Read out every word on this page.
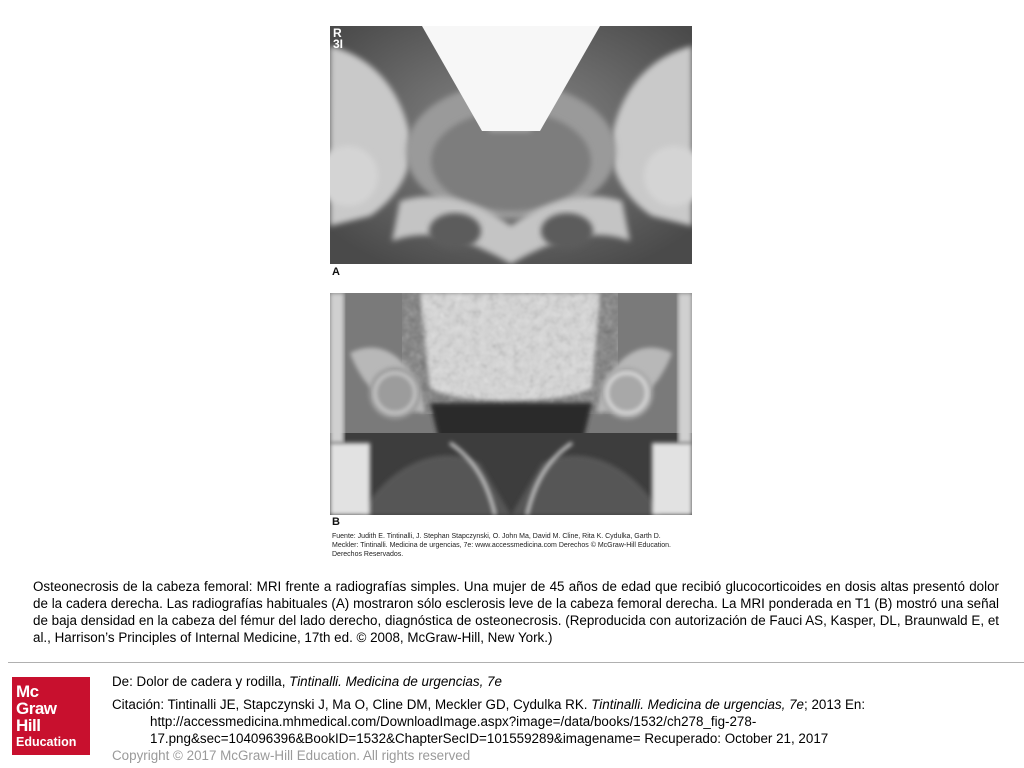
R
3I
A
B
Fuente: Judith E. Tintinalli, J. Stephan Stapczynski, O. John Ma, David M. Cline, Rita K. Cydulka, Garth D. Meckler: Tintinalli. Medicina de urgencias, 7e: www.accessmedicina.com Derechos © McGraw-Hill Education. Derechos Reservados.
Osteonecrosis de la cabeza femoral: MRI frente a radiografías simples. Una mujer de 45 años de edad que recibió glucocorticoides en dosis altas presentó dolor de la cadera derecha. Las radiografías habituales (A) mostraron sólo esclerosis leve de la cabeza femoral derecha. La MRI ponderada en T1 (B) mostró una señal de baja densidad en la cabeza del fémur del lado derecho, diagnóstica de osteonecrosis. (Reproducida con autorización de Fauci AS, Kasper, DL, Braunwald E, et al., Harrison’s Principles of Internal Medicine, 17th ed. © 2008, McGraw-Hill, New York.)
Mc
Graw
Hill
Education
De: Dolor de cadera y rodilla, Tintinalli. Medicina de urgencias, 7e
Citación: Tintinalli JE, Stapczynski J, Ma O, Cline DM, Meckler GD, Cydulka RK. Tintinalli. Medicina de urgencias, 7e; 2013 En:
http://accessmedicina.mhmedical.com/DownloadImage.aspx?image=/data/books/1532/ch278_fig-278-
17.png&sec=104096396&BookID=1532&ChapterSecID=101559289&imagename= Recuperado: October 21, 2017
Copyright © 2017 McGraw-Hill Education. All rights reserved
